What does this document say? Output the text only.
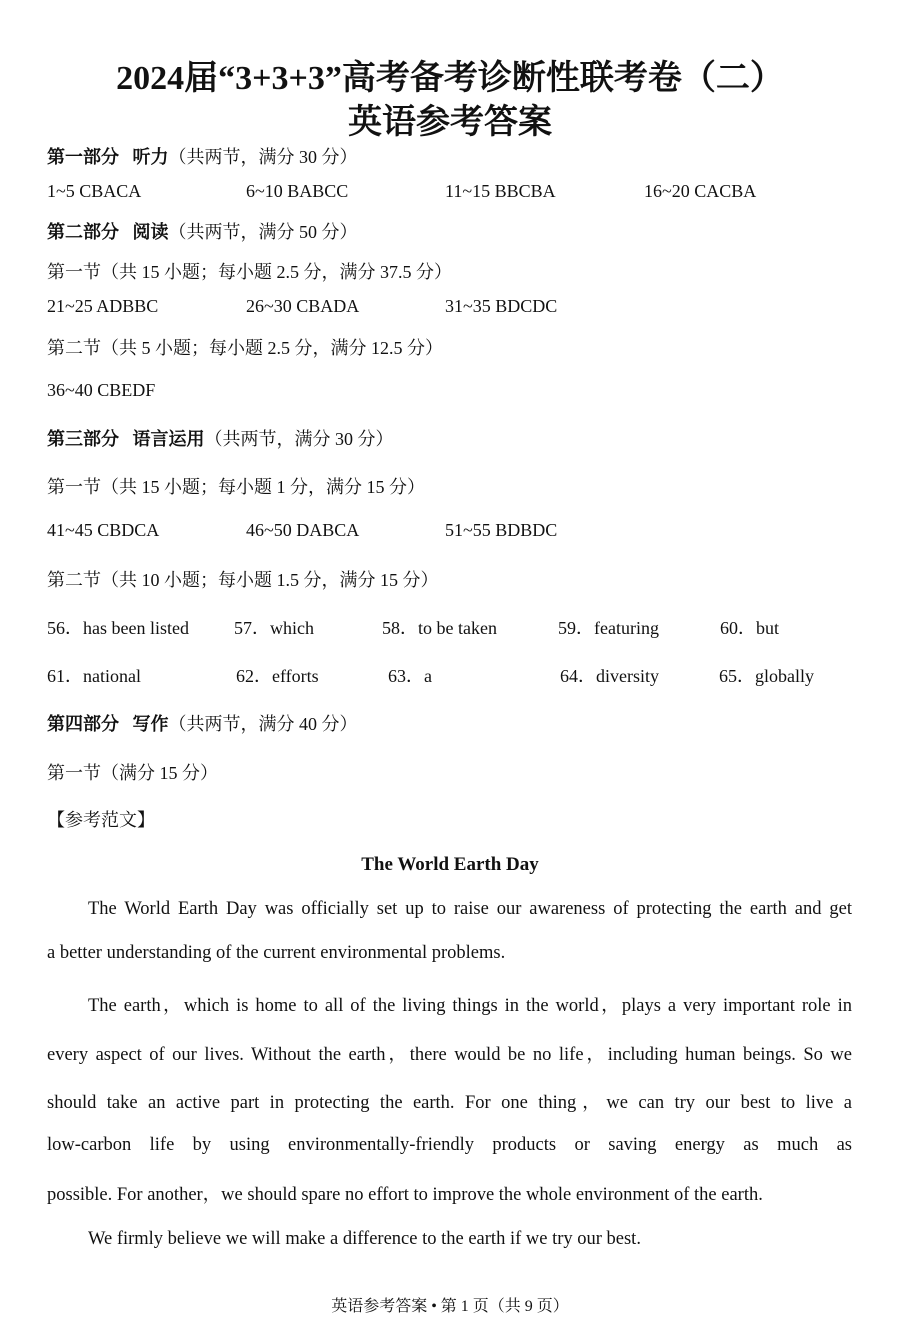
2024届“3+3+3”高考备考诊断性联考卷（二）
英语参考答案
第一部分 听力（共两节，满分 30 分）
1~5 CBACA	6~10 BABCC	11~15 BBCBA	16~20 CACBA
第二部分 阅读（共两节，满分 50 分）
第一节（共 15 小题；每小题 2.5 分，满分 37.5 分）
21~25 ADBBC	26~30 CBADA	31~35 BDCDC
第二节（共 5 小题；每小题 2.5 分，满分 12.5 分）
36~40 CBEDF
第三部分 语言运用（共两节，满分 30 分）
第一节（共 15 小题；每小题 1 分，满分 15 分）
41~45 CBDCA	46~50 DABCA	51~55 BDBDC
第二节（共 10 小题；每小题 1.5 分，满分 15 分）
56．has been listed	57．which	58．to be taken	59．featuring	60．but
61．national	62．efforts	63．a	64．diversity	65．globally
第四部分 写作（共两节，满分 40 分）
第一节（满分 15 分）
【参考范文】
The World Earth Day
The World Earth Day was officially set up to raise our awareness of protecting the earth and get
a better understanding of the current environmental problems.
The earth，which is home to all of the living things in the world，plays a very important role in
every aspect of our lives. Without the earth，there would be no life，including human beings. So we
should take an active part in protecting the earth. For one thing，we can try our best to live a
low-carbon life by using environmentally-friendly products or saving energy as much as
possible. For another，we should spare no effort to improve the whole environment of the earth.
We firmly believe we will make a difference to the earth if we try our best.
英语参考答案 • 第 1 页（共 9 页）
